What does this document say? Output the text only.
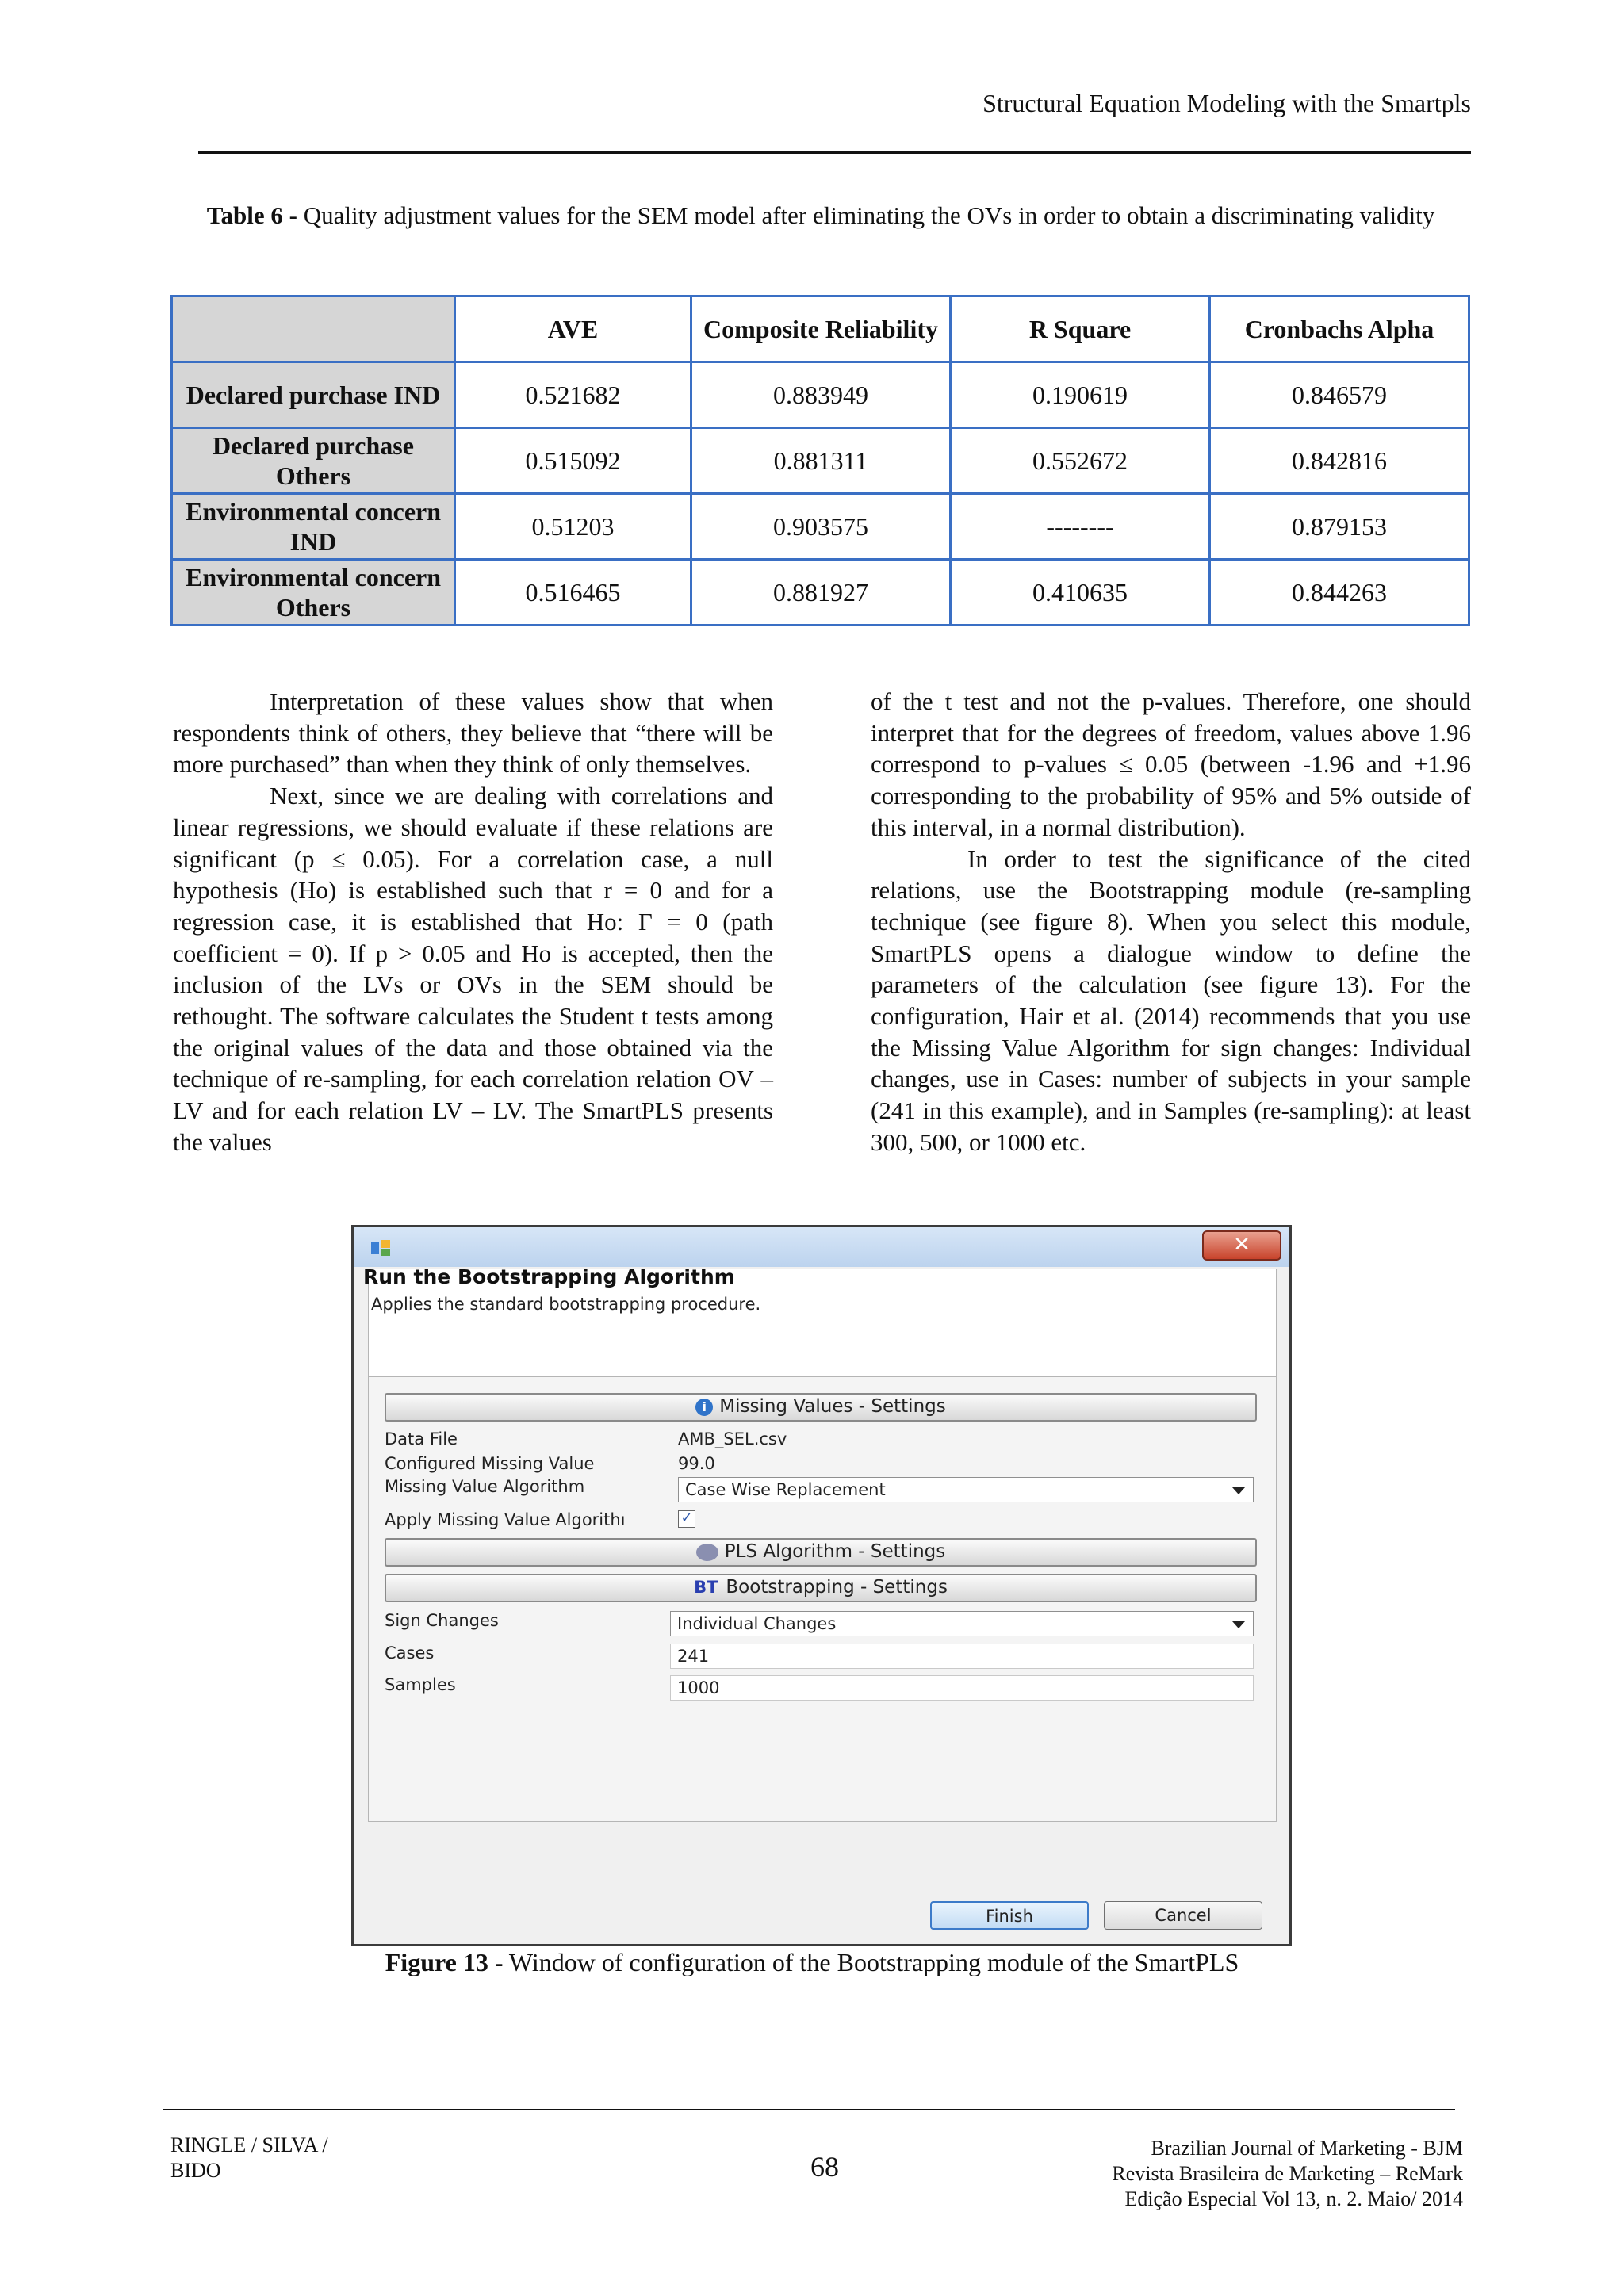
Structural Equation Modeling with the Smartpls
Table 6 - Quality adjustment values for the SEM model after eliminating the OVs in order to obtain a discriminating validity
	AVE	Composite Reliability	R Square	Cronbachs Alpha
Declared purchase IND	0.521682	0.883949	0.190619	0.846579
Declared purchase Others	0.515092	0.881311	0.552672	0.842816
Environmental concern IND	0.51203	0.903575	--------	0.879153
Environmental concern Others	0.516465	0.881927	0.410635	0.844263

Interpretation of these values show that when respondents think of others, they believe that “there will be more purchased” than when they think of only themselves.

Next, since we are dealing with correlations and linear regressions, we should evaluate if these relations are significant (p ≤ 0.05). For a correlation case, a null hypothesis (Ho) is established such that r = 0 and for a regression case, it is established that Ho: Γ = 0 (path coefficient = 0). If p > 0.05 and Ho is accepted, then the inclusion of the LVs or OVs in the SEM should be rethought. The software calculates the Student t tests among the original values of the data and those obtained via the technique of re-sampling, for each correlation relation OV – LV and for each relation LV – LV. The SmartPLS presents the values

of the t test and not the p-values. Therefore, one should interpret that for the degrees of freedom, values above 1.96 correspond to p-values ≤ 0.05 (between -1.96 and +1.96 corresponding to the probability of 95% and 5% outside of this interval, in a normal distribution).

In order to test the significance of the cited relations, use the Bootstrapping module (re-sampling technique (see figure 8). When you select this module, SmartPLS opens a dialogue window to define the parameters of the calculation (see figure 13). For the configuration, Hair et al. (2014) recommends that you use the Missing Value Algorithm for sign changes: Individual changes, use in Cases: number of subjects in your sample (241 in this example), and in Samples (re-sampling): at least 300, 500, or 1000 etc.

✕
Run the Bootstrapping Algorithm
Applies the standard bootstrapping procedure.
i Missing Values - Settings
Data File	AMB_SEL.csv
Configured Missing Value	99.0
Missing Value Algorithm	Case Wise Replacement
Apply Missing Value Algorithı	✓
PLS Algorithm - Settings
BT Bootstrapping - Settings
Sign Changes	Individual Changes
Cases	241
Samples	1000
Finish	Cancel
Figure 13 - Window of configuration of the Bootstrapping module of the SmartPLS
RINGLE / SILVA /
BIDO	68
Brazilian Journal of Marketing - BJM
Revista Brasileira de Marketing – ReMark
Edição Especial Vol 13, n. 2. Maio/ 2014
